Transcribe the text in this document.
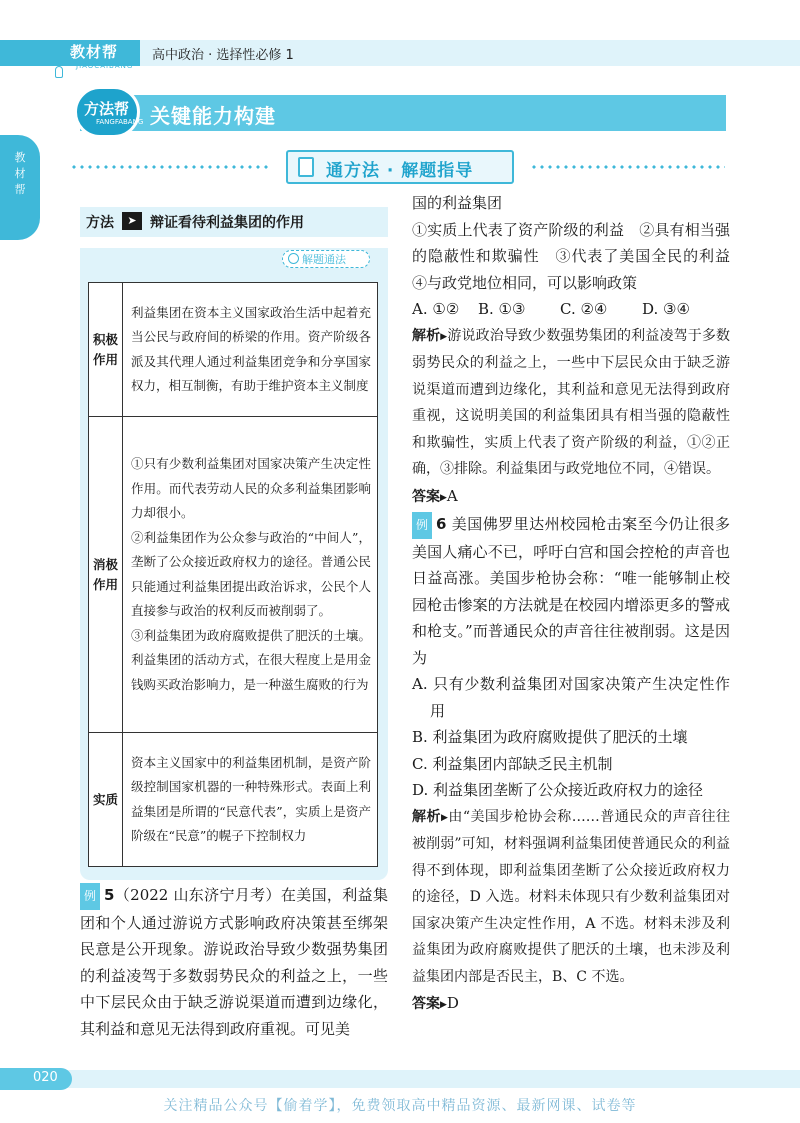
教材帮
JIAOCAIBANG
高中政治 · 选择性必修 1
教材帮
方法帮
FANGFABANG 关键能力构建
通方法 · 解题指导
方法	➤ 辩证看待利益集团的作用
解题通法
积极作用	利益集团在资本主义国家政治生活中起着充当公民与政府间的桥梁的作用。资产阶级各派及其代理人通过利益集团竞争和分享国家权力，相互制衡，有助于维护资本主义制度
消极作用	①只有少数利益集团对国家决策产生决定性作用。而代表劳动人民的众多利益集团影响力却很小。
②利益集团作为公众参与政治的“中间人”，垄断了公众接近政府权力的途径。普通公民只能通过利益集团提出政治诉求，公民个人直接参与政治的权利反而被削弱了。
③利益集团为政府腐败提供了肥沃的土壤。利益集团的活动方式，在很大程度上是用金钱购买政治影响力，是一种滋生腐败的行为

实质	资本主义国家中的利益集团机制，是资产阶级控制国家机器的一种特殊形式。表面上利益集团是所谓的“民意代表”，实质上是资产阶级在“民意”的幌子下控制权力
例 5（2022 山东济宁月考）在美国，利益集团和个人通过游说方式影响政府决策甚至绑架民意是公开现象。游说政治导致少数强势集团的利益凌驾于多数弱势民众的利益之上，一些中下层民众由于缺乏游说渠道而遭到边缘化，其利益和意见无法得到政府重视。可见美
国的利益集团
①实质上代表了资产阶级的利益　②具有相当强的隐蔽性和欺骗性　③代表了美国全民的利益　④与政党地位相同，可以影响政策
A. ①②	B. ①③	C. ②④	D. ③④
解析▶游说政治导致少数强势集团的利益凌驾于多数弱势民众的利益之上，一些中下层民众由于缺乏游说渠道而遭到边缘化，其利益和意见无法得到政府重视，这说明美国的利益集团具有相当强的隐蔽性和欺骗性，实质上代表了资产阶级的利益，①②正确，③排除。利益集团与政党地位不同，④错误。
答案▶A
例 6 美国佛罗里达州校园枪击案至今仍让很多美国人痛心不已，呼吁白宫和国会控枪的声音也日益高涨。美国步枪协会称：“唯一能够制止校园枪击惨案的方法就是在校园内增添更多的警戒和枪支。”而普通民众的声音往往被削弱。这是因为
A. 只有少数利益集团对国家决策产生决定性作用
B. 利益集团为政府腐败提供了肥沃的土壤
C. 利益集团内部缺乏民主机制
D. 利益集团垄断了公众接近政府权力的途径
解析▶由“美国步枪协会称……普通民众的声音往往被削弱”可知，材料强调利益集团使普通民众的利益得不到体现，即利益集团垄断了公众接近政府权力的途径，D 入选。材料未体现只有少数利益集团对国家决策产生决定性作用，A 不选。材料未涉及利益集团为政府腐败提供了肥沃的土壤，也未涉及利益集团内部是否民主，B、C 不选。
答案▶D
020
关注精品公众号【偷着学】，免费领取高中精品资源、最新网课、试卷等
